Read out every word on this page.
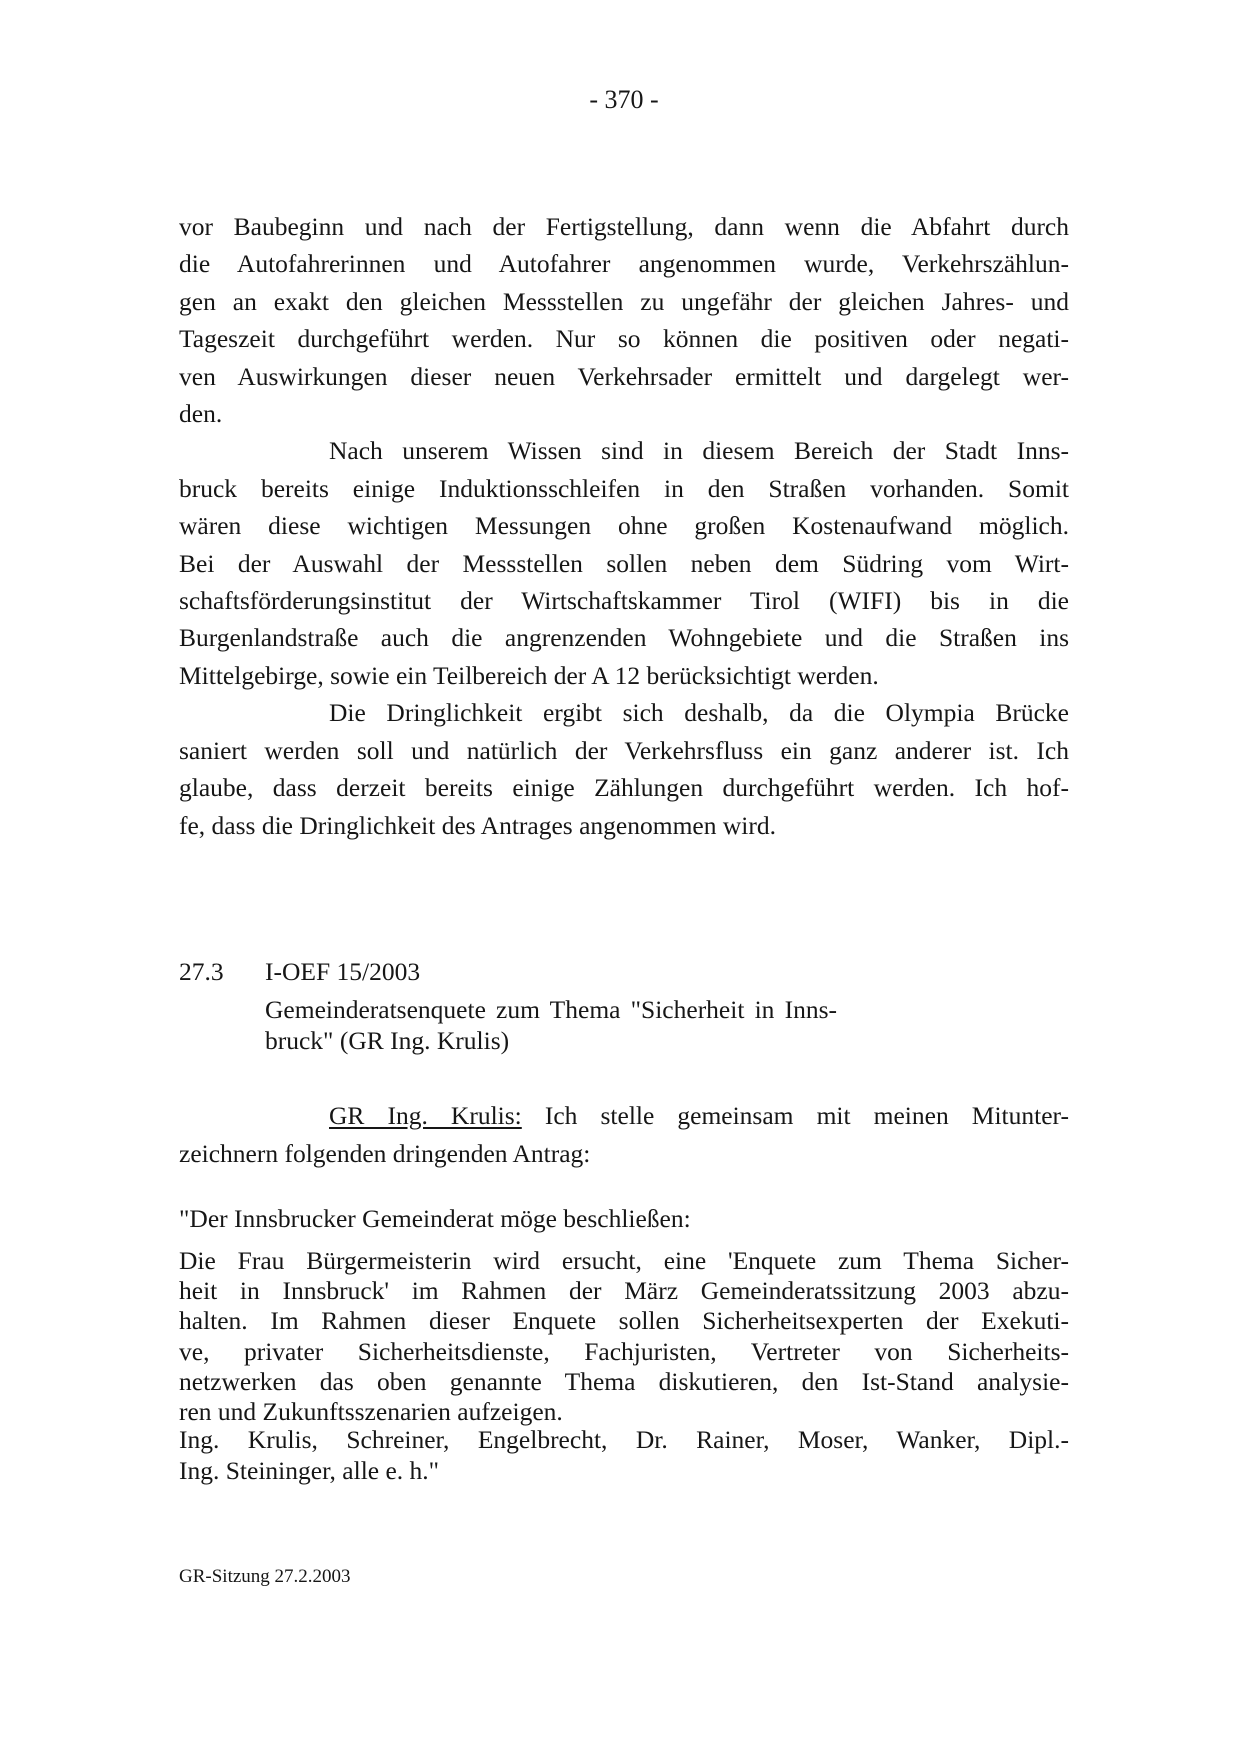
- 370 -
vor Baubeginn und nach der Fertigstellung, dann wenn die Abfahrt durch
die Autofahrerinnen und Autofahrer angenommen wurde, Verkehrszählun-
gen an exakt den gleichen Messstellen zu ungefähr der gleichen Jahres- und
Tageszeit durchgeführt werden. Nur so können die positiven oder negati-
ven Auswirkungen dieser neuen Verkehrsader ermittelt und dargelegt wer-
den.
Nach unserem Wissen sind in diesem Bereich der Stadt Inns-
bruck bereits einige Induktionsschleifen in den Straßen vorhanden. Somit
wären diese wichtigen Messungen ohne großen Kostenaufwand möglich.
Bei der Auswahl der Messstellen sollen neben dem Südring vom Wirt-
schaftsförderungsinstitut der Wirtschaftskammer Tirol (WIFI) bis in die
Burgenlandstraße auch die angrenzenden Wohngebiete und die Straßen ins
Mittelgebirge, sowie ein Teilbereich der A 12 berücksichtigt werden.
Die Dringlichkeit ergibt sich deshalb, da die Olympia Brücke
saniert werden soll und natürlich der Verkehrsfluss ein ganz anderer ist. Ich
glaube, dass derzeit bereits einige Zählungen durchgeführt werden. Ich hof-
fe, dass die Dringlichkeit des Antrages angenommen wird.
27.3	I-OEF 15/2003
Gemeinderatsenquete zum Thema "Sicherheit in Inns-
bruck" (GR Ing. Krulis)
GR Ing. Krulis: Ich stelle gemeinsam mit meinen Mitunter-
zeichnern folgenden dringenden Antrag:
"Der Innsbrucker Gemeinderat möge beschließen:
Die Frau Bürgermeisterin wird ersucht, eine 'Enquete zum Thema Sicher-
heit in Innsbruck' im Rahmen der März Gemeinderatssitzung 2003 abzu-
halten. Im Rahmen dieser Enquete sollen Sicherheitsexperten der Exekuti-
ve, privater Sicherheitsdienste, Fachjuristen, Vertreter von Sicherheits-
netzwerken das oben genannte Thema diskutieren, den Ist-Stand analysie-
ren und Zukunftsszenarien aufzeigen.
Ing. Krulis, Schreiner, Engelbrecht, Dr. Rainer, Moser, Wanker, Dipl.-
Ing. Steininger, alle e. h."
GR-Sitzung 27.2.2003
